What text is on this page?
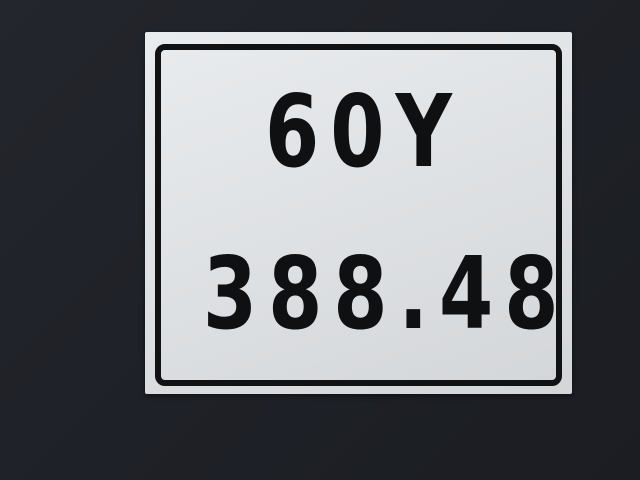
60Y
388.48
